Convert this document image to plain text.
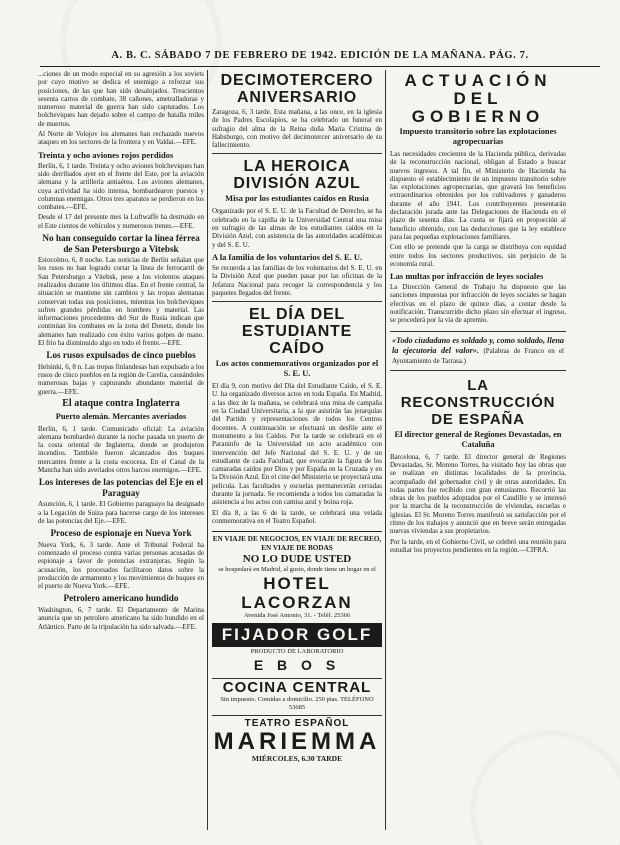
A. B. C. SÁBADO 7 DE FEBRERO DE 1942. EDICIÓN DE LA MAÑANA. PÁG. 7.

...ciones de un modo especial en su agresión a los soviets por cuyo motivo se dedica el enemigo a reforzar sus posiciones, de las que han sido desalojados. Trescientos sesenta carros de combate, 38 cañones, ametralladoras y numeroso material de guerra han sido capturados. Los bolcheviques han dejado sobre el campo de batalla miles de muertos.

Al Norte de Volojov los alemanes han rechazado nuevos ataques en los sectores de la frontera y en Valdai.—EFE.

Treinta y ocho aviones rojos perdidos

Berlín, 6, 1 tarde. Treinta y ocho aviones bolcheviques han sido derribados ayer en el frente del Este, por la aviación alemana y la artillería antiaérea. Los aviones alemanes, cuya actividad ha sido intensa, bombardearon puestos y columnas enemigas. Otros tres aparatos se perdieron en los combates.—EFE.

Desde el 17 del presente mes la Luftwaffe ha destruido en el Este cientos de vehículos y numerosos trenes.—EFE.

No han conseguido cortar la línea férrea de San Petersburgo a Vitebsk

Estocolmo, 6, 8 noche. Las noticias de Berlín señalan que los rusos no han logrado cortar la línea de ferrocarril de San Petersburgo a Vitebsk, pese a los violentos ataques realizados durante los últimos días. En el frente central, la situación se mantiene sin cambios y las tropas alemanas conservan todas sus posiciones, mientras los bolcheviques sufren grandes pérdidas en hombres y material. Las informaciones procedentes del Sur de Rusia indican que continúan los combates en la zona del Donetz, donde los alemanes han realizado con éxito varios golpes de mano. El frío ha disminuido algo en todo el frente.—EFE.

Los rusos expulsados de cinco pueblos

Helsinki, 6, 8 n. Las tropas finlandesas han expulsado a los rusos de cinco pueblos en la región de Carelia, causándoles numerosas bajas y capturando abundante material de guerra.—EFE.

El ataque contra Inglaterra
Puerto alemán. Mercantes averiados

Berlín, 6, 1 tarde. Comunicado oficial: La aviación alemana bombardeó durante la noche pasada un puerto de la costa oriental de Inglaterra, donde se produjeron incendios. También fueron alcanzados dos buques mercantes frente a la costa escocesa. En el Canal de la Mancha han sido averiados otros barcos enemigos.—EFE.

Los intereses de las potencias del Eje en el Paraguay

Asunción, 6, 1 tarde. El Gobierno paraguayo ha designado a la Legación de Suiza para hacerse cargo de los intereses de las potencias del Eje.—EFE.

Proceso de espionaje en Nueva York

Nueva York, 6, 3 tarde. Ante el Tribunal Federal ha comenzado el proceso contra varias personas acusadas de espionaje a favor de potencias extranjeras. Según la acusación, los procesados facilitaron datos sobre la producción de armamento y los movimientos de buques en el puerto de Nueva York.—EFE.

Petrolero americano hundido

Washington, 6, 7 tarde. El Departamento de Marina anuncia que un petrolero americano ha sido hundido en el Atlántico. Parte de la tripulación ha sido salvada.—EFE.

DECIMOTERCERO ANIVERSARIO

Zaragoza, 6, 3 tarde. Esta mañana, a las once, en la iglesia de los Padres Escolapios, se ha celebrado un funeral en sufragio del alma de la Reina doña María Cristina de Habsburgo, con motivo del decimotercer aniversario de su fallecimiento.

LA HEROICA DIVISIÓN AZUL
Misa por los estudiantes caídos en Rusia

Organizado por el S. E. U. de la Facultad de Derecho, se ha celebrado en la capilla de la Universidad Central una misa en sufragio de las almas de los estudiantes caídos en la División Azul, con asistencia de las autoridades académicas y del S. E. U.

A la familia de los voluntarios del S. E. U.

Se recuerda a las familias de los voluntarios del S. E. U. en la División Azul que pueden pasar por las oficinas de la Jefatura Nacional para recoger la correspondencia y los paquetes llegados del frente.

EL DÍA DEL ESTUDIANTE CAÍDO
Los actos conmemorativos organizados por el S. E. U.

El día 9, con motivo del Día del Estudiante Caído, el S. E. U. ha organizado diversos actos en toda España. En Madrid, a las diez de la mañana, se celebrará una misa de campaña en la Ciudad Universitaria, a la que asistirán las jerarquías del Partido y representaciones de todos los Centros docentes. A continuación se efectuará un desfile ante el monumento a los Caídos. Por la tarde se celebrará en el Paraninfo de la Universidad un acto académico con intervención del Jefe Nacional del S. E. U. y de un estudiante de cada Facultad, que evocarán la figura de los camaradas caídos por Dios y por España en la Cruzada y en la División Azul. En el cine del Ministerio se proyectará una película. Las facultades y escuelas permanecerán cerradas durante la jornada. Se recomienda a todos los camaradas la asistencia a los actos con camisa azul y boina roja.

El día 8, a las 6 de la tarde, se celebrará una velada conmemorativa en el Teatro Español.

EN VIAJE DE NEGOCIOS, EN VIAJE DE RECREO, EN VIAJE DE BODAS
NO LO DUDE USTED
se hospedará en Madrid, al gusto, donde tiene un hogar en el
HOTEL LACORZAN
Avenida José Antonio, 31. - Teléf. 25366
FIJADOR GOLF
PRODUCTO DE LABORATORIO
E B O S
COCINA CENTRAL
Sin impuesto. Comidas a domicilio. 250 ptas. TELÉFONO 53685
TEATRO ESPAÑOL
MARIEMMA
MIÉRCOLES, 6.30 TARDE
ACTUACIÓN DEL GOBIERNO
Impuesto transitorio sobre las explotaciones agropecuarias

Las necesidades crecientes de la Hacienda pública, derivadas de la reconstrucción nacional, obligan al Estado a buscar nuevos ingresos. A tal fin, el Ministerio de Hacienda ha dispuesto el establecimiento de un impuesto transitorio sobre las explotaciones agropecuarias, que gravará los beneficios extraordinarios obtenidos por los cultivadores y ganaderos durante el año 1941. Los contribuyentes presentarán declaración jurada ante las Delegaciones de Hacienda en el plazo de sesenta días. La cuota se fijará en proporción al beneficio obtenido, con las deducciones que la ley establece para las pequeñas explotaciones familiares.

Con ello se pretende que la carga se distribuya con equidad entre todos los sectores productivos, sin perjuicio de la economía rural.

Las multas por infracción de leyes sociales

La Dirección General de Trabajo ha dispuesto que las sanciones impuestas por infracción de leyes sociales se hagan efectivas en el plazo de quince días, a contar desde la notificación. Transcurrido dicho plazo sin efectuar el ingreso, se procederá por la vía de apremio.

«Todo ciudadano es soldado y, como soldado, llena la ejecutoria del valor». (Palabras de Franco en el Ayuntamiento de Tarrasa.)
LA RECONSTRUCCIÓN DE ESPAÑA
El director general de Regiones Devastadas, en Cataluña

Barcelona, 6, 7 tarde. El director general de Regiones Devastadas, Sr. Moreno Torres, ha visitado hoy las obras que se realizan en distintas localidades de la provincia, acompañado del gobernador civil y de otras autoridades. En todas partes fue recibido con gran entusiasmo. Recorrió las obras de los pueblos adoptados por el Caudillo y se interesó por la marcha de la reconstrucción de viviendas, escuelas e iglesias. El Sr. Moreno Torres manifestó su satisfacción por el ritmo de los trabajos y anunció que en breve serán entregadas nuevas viviendas a sus propietarios.

Por la tarde, en el Gobierno Civil, se celebró una reunión para estudiar los proyectos pendientes en la región.—CIFRA.
